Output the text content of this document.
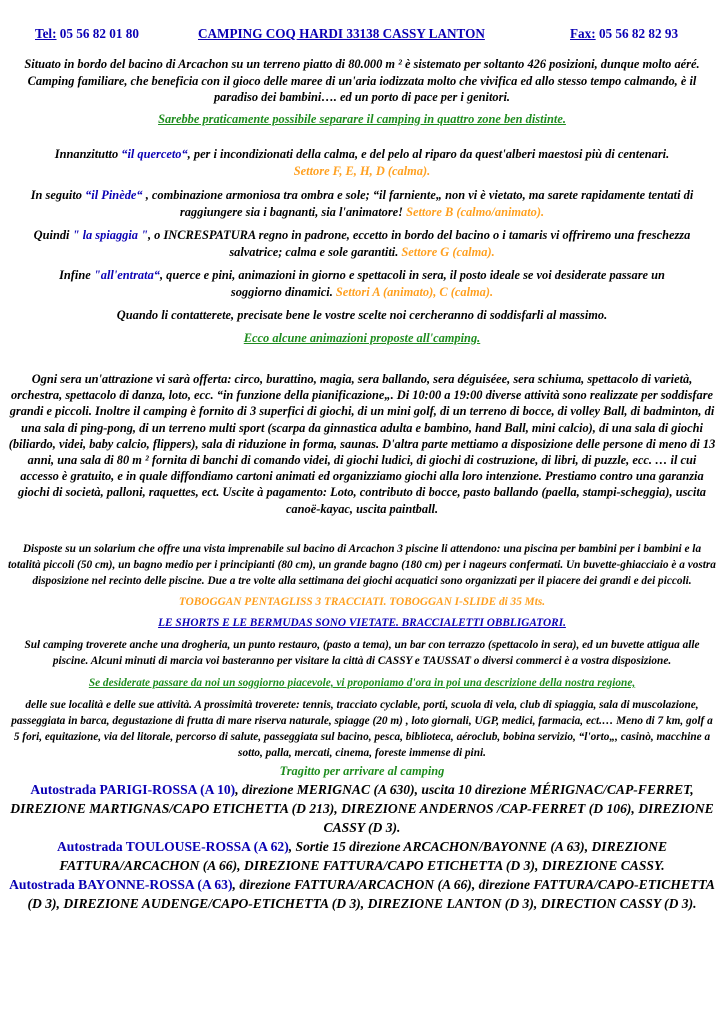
Tel: 05 56 82 01 80	CAMPING COQ HARDI 33138 CASSY LANTON	Fax: 05 56 82 82 93

Situato in bordo del bacino di Arcachon su un terreno piatto di 80.000 m ² è sistemato per soltanto 426 posizioni, dunque molto aéré. Camping familiare, che beneficia con il gioco delle maree di un'aria iodizzata molto che vivifica ed allo stesso tempo calmando, è il paradiso dei bambini…. ed un porto di pace per i genitori.

Sarebbe praticamente possibile separare il camping in quattro zone ben distinte.

Innanzitutto “il querceto“, per i incondizionati della calma, e del pelo al riparo da quest'alberi maestosi più di centenari. Settore F, E, H, D (calma).

In seguito “il Pinède“ , combinazione armoniosa tra ombra e sole; “il farniente„ non vi è vietato, ma sarete rapidamente tentati di raggiungere sia i bagnanti, sia l'animatore! Settore B (calmo/animato).

Quindi " la spiaggia ", o INCRESPATURA regno in padrone, eccetto in bordo del bacino o i tamaris vi offriremo una freschezza salvatrice; calma e sole garantiti. Settore G (calma).

Infine "all'entrata“, querce e pini, animazioni in giorno e spettacoli in sera, il posto ideale se voi desiderate passare un soggiorno dinamici. Settori A (animato), C (calma).

Quando li contatterete, precisate bene le vostre scelte noi cercheranno di soddisfarli al massimo.

Ecco alcune animazioni proposte all'camping.

Ogni sera un'attrazione vi sarà offerta: circo, burattino, magia, sera ballando, sera déguiséee, sera schiuma, spettacolo di varietà, orchestra, spettacolo di danza, loto, ecc. “in funzione della pianificazione„. Di 10:00 a 19:00 diverse attività sono realizzate per soddisfare grandi e piccoli. Inoltre il camping è fornito di 3 superfici di giochi, di un mini golf, di un terreno di bocce, di volley Ball, di badminton, di una sala di ping-pong, di un terreno multi sport (scarpa da ginnastica adulta e bambino, hand Ball, mini calcio), di una sala di giochi (biliardo, videi, baby calcio, flippers), sala di riduzione in forma, saunas. D'altra parte mettiamo a disposizione delle persone di meno di 13 anni, una sala di 80 m ² fornita di banchi di comando videi, di giochi ludici, di giochi di costruzione, di libri, di puzzle, ecc. … il cui accesso è gratuito, e in quale diffondiamo cartoni animati ed organizziamo giochi alla loro intenzione. Prestiamo contro una garanzia giochi di società, palloni, raquettes, ect. Uscite à pagamento: Loto, contributo di bocce, pasto ballando (paella, stampi-scheggia), uscita canoë-kayac, uscita paintball.

Disposte su un solarium che offre una vista imprenabile sul bacino di Arcachon 3 piscine li attendono: una piscina per bambini per i bambini e la totalità piccoli (50 cm), un bagno medio per i principianti (80 cm), un grande bagno (180 cm) per i nageurs confermati. Un buvette-ghiacciaio è a vostra disposizione nel recinto delle piscine. Due a tre volte alla settimana dei giochi acquatici sono organizzati per il piacere dei grandi e dei piccoli.

TOBOGGAN PENTAGLISS 3 TRACCIATI. TOBOGGAN I-SLIDE di 35 Mts.

LE SHORTS E LE BERMUDAS SONO VIETATE. BRACCIALETTI OBBLIGATORI.

Sul camping troverete anche una drogheria, un punto restauro, (pasto a tema), un bar con terrazzo (spettacolo in sera), ed un buvette attigua alle piscine. Alcuni minuti di marcia voi basteranno per visitare la città di CASSY e TAUSSAT o diversi commerci è a vostra disposizione.

Se desiderate passare da noi un soggiorno piacevole, vi proponiamo d'ora in poi una descrizione della nostra regione,

delle sue località e delle sue attività. A prossimità troverete: tennis, tracciato cyclable, porti, scuola di vela, club di spiaggia, sala di muscolazione, passeggiata in barca, degustazione di frutta di mare riserva naturale, spiagge (20 m) , loto giornali, UGP, medici, farmacia, ect.… Meno di 7 km, golf a 5 fori, equitazione, via del litorale, percorso di salute, passeggiata sul bacino, pesca, biblioteca, aéroclub, bobina servizio, “l'orto„, casinò, macchine a sotto, palla, mercati, cinema, foreste immense di pini.

Tragitto per arrivare al camping

Autostrada PARIGI-ROSSA (A 10), direzione MERIGNAC (A 630), uscita 10 direzione MÉRIGNAC/CAP-FERRET, DIREZIONE MARTIGNAS/CAPO ETICHETTA (D 213), DIREZIONE ANDERNOS /CAP-FERRET (D 106), DIREZIONE CASSY (D 3).

Autostrada TOULOUSE-ROSSA (A 62), Sortie 15 direzione ARCACHON/BAYONNE (A 63), DIREZIONE FATTURA/ARCACHON (A 66), DIREZIONE FATTURA/CAPO ETICHETTA (D 3), DIREZIONE CASSY.

Autostrada BAYONNE-ROSSA (A 63), direzione FATTURA/ARCACHON (A 66), direzione FATTURA/CAPO-ETICHETTA (D 3), DIREZIONE AUDENGE/CAPO-ETICHETTA (D 3), DIREZIONE LANTON (D 3), DIRECTION CASSY (D 3).
